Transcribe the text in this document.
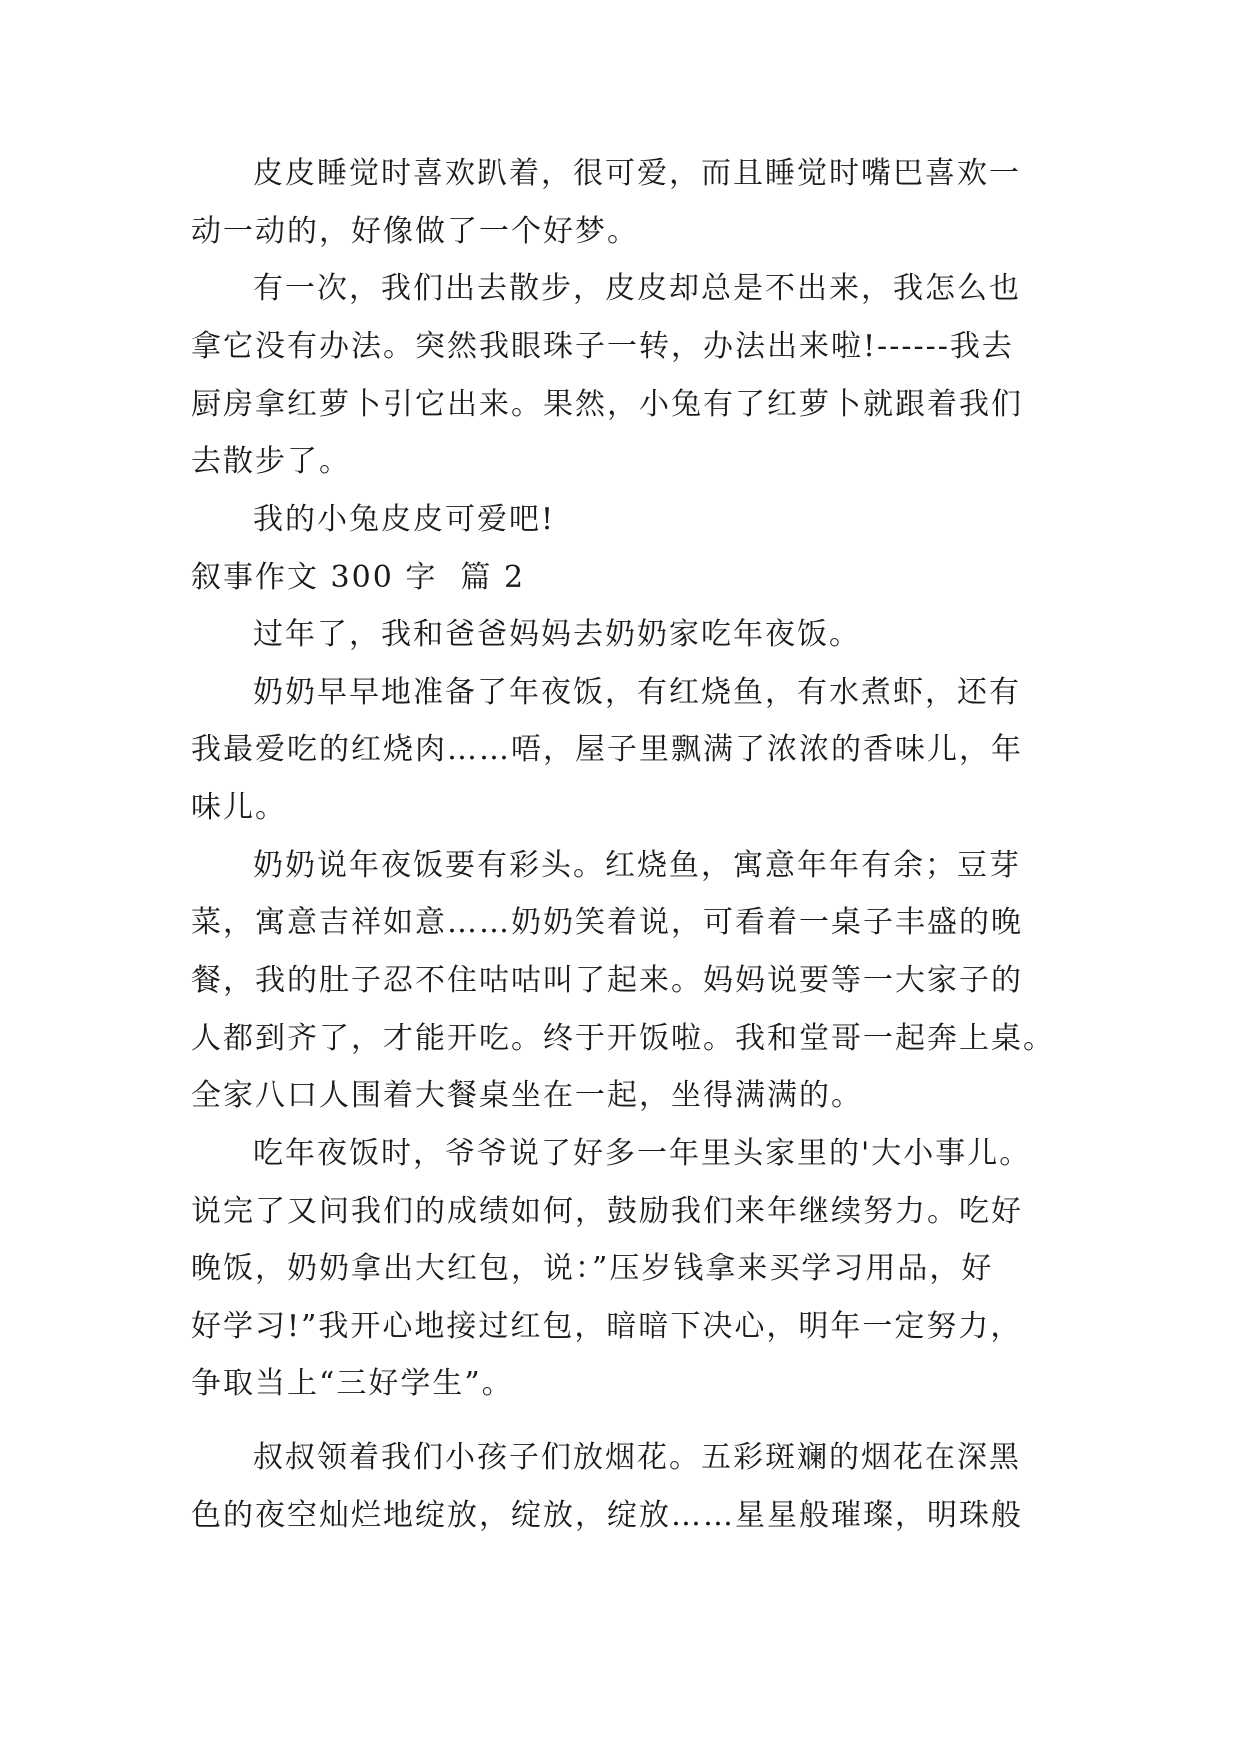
皮皮睡觉时喜欢趴着，很可爱，而且睡觉时嘴巴喜欢一
动一动的，好像做了一个好梦。
有一次，我们出去散步，皮皮却总是不出来，我怎么也
拿它没有办法。突然我眼珠子一转，办法出来啦!------我去
厨房拿红萝卜引它出来。果然，小兔有了红萝卜就跟着我们
去散步了。
我的小兔皮皮可爱吧!
叙事作文 300 字  篇 2
过年了，我和爸爸妈妈去奶奶家吃年夜饭。
奶奶早早地准备了年夜饭，有红烧鱼，有水煮虾，还有
我最爱吃的红烧肉……唔，屋子里飘满了浓浓的香味儿，年
味儿。
奶奶说年夜饭要有彩头。红烧鱼，寓意年年有余；豆芽
菜，寓意吉祥如意……奶奶笑着说，可看着一桌子丰盛的晚
餐，我的肚子忍不住咕咕叫了起来。妈妈说要等一大家子的
人都到齐了，才能开吃。终于开饭啦。我和堂哥一起奔上桌。
全家八口人围着大餐桌坐在一起，坐得满满的。
吃年夜饭时，爷爷说了好多一年里头家里的'大小事儿。
说完了又问我们的成绩如何，鼓励我们来年继续努力。吃好
晚饭，奶奶拿出大红包，说：”压岁钱拿来买学习用品，好
好学习!”我开心地接过红包，暗暗下决心，明年一定努力，
争取当上“三好学生”。
叔叔领着我们小孩子们放烟花。五彩斑斓的烟花在深黑
色的夜空灿烂地绽放，绽放，绽放……星星般璀璨，明珠般
